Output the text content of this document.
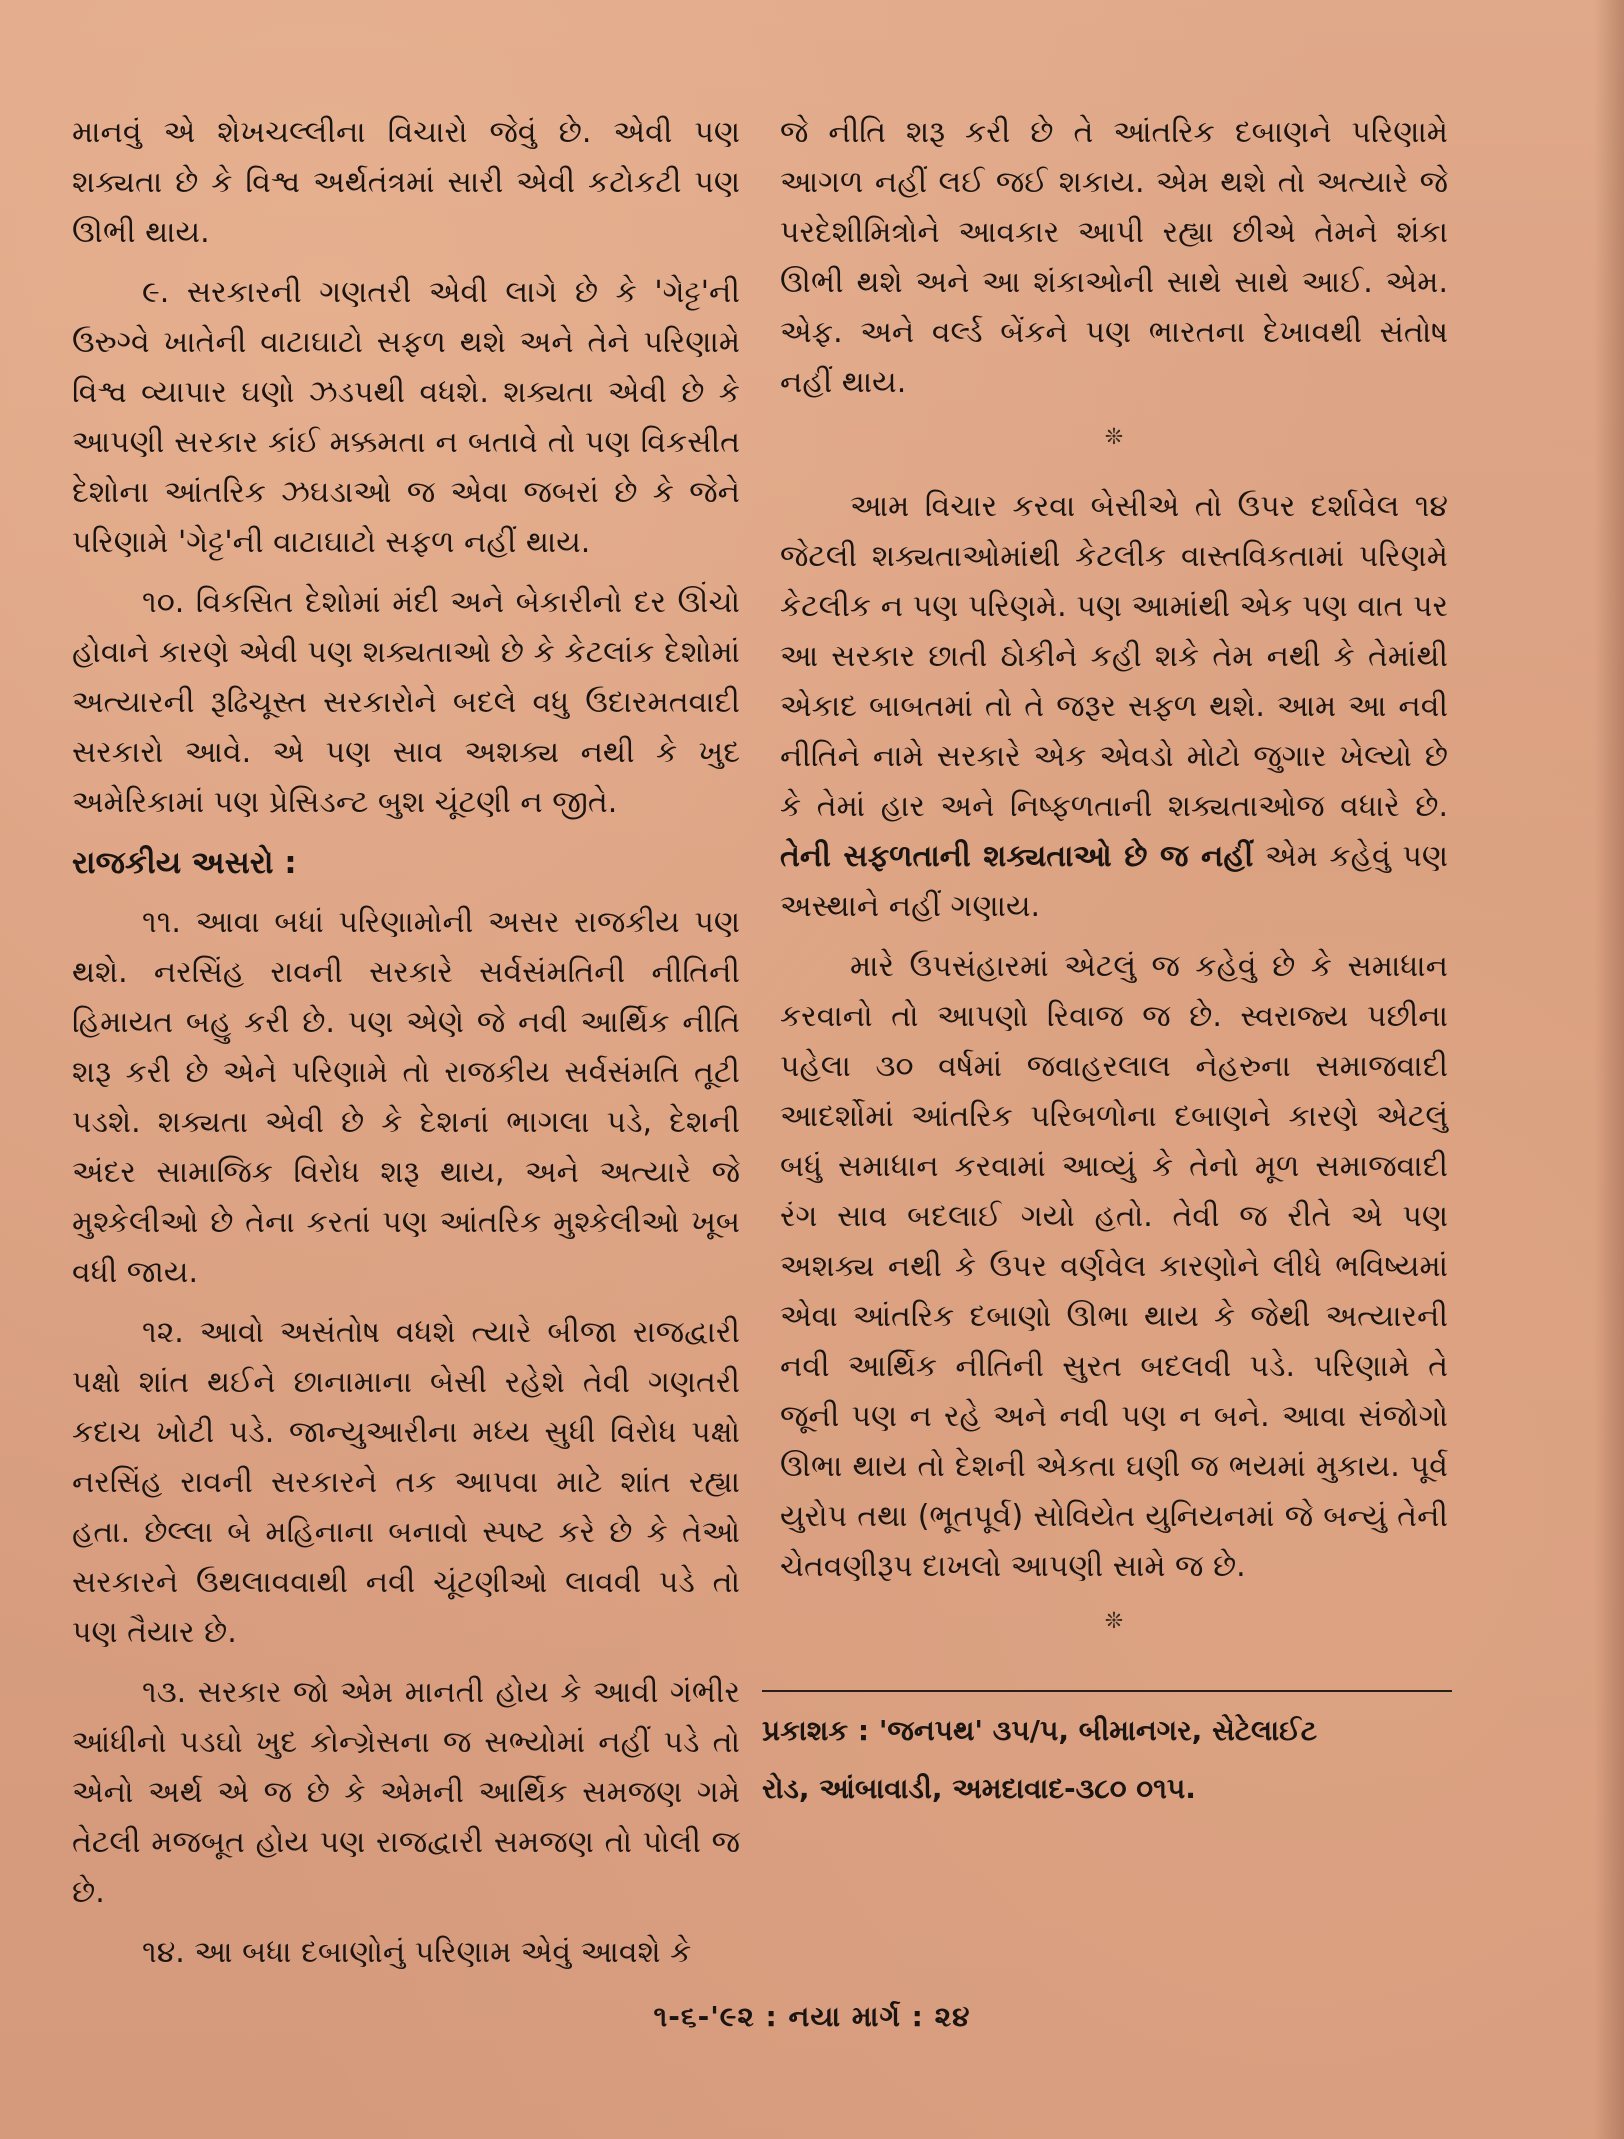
માનવું એ શેખચલ્લીના વિચારો જેવું છે. એવી પણ શક્યતા છે કે વિશ્વ અર્થતંત્રમાં સારી એવી કટોકટી પણ ઊભી થાય.

૯. સરકારની ગણતરી એવી લાગે છે કે 'ગેટ્ટ'ની ઉરુગ્વે ખાતેની વાટાઘાટો સફળ થશે અને તેને પરિણામે વિશ્વ વ્યાપાર ઘણો ઝડપથી વધશે. શક્યતા એવી છે કે આપણી સરકાર કાંઈ મક્કમતા ન બતાવે તો પણ વિકસીત દેશોના આંતરિક ઝઘડાઓ જ એવા જબરાં છે કે જેને પરિણામે 'ગેટ્ટ'ની વાટાઘાટો સફળ નહીં થાય.

૧૦. વિકસિત દેશોમાં મંદી અને બેકારીનો દર ઊંચો હોવાને કારણે એવી પણ શક્યતાઓ છે કે કેટલાંક દેશોમાં અત્યારની રૂઢિચૂસ્ત સરકારોને બદલે વધુ ઉદારમતવાદી સરકારો આવે. એ પણ સાવ અશક્ય નથી કે ખુદ અમેરિકામાં પણ પ્રેસિડન્ટ બુશ ચૂંટણી ન જીતે.

રાજકીય અસરો :

૧૧. આવા બધાં પરિણામોની અસર રાજકીય પણ થશે. નરસિંહ રાવની સરકારે સર્વસંમતિની નીતિની હિમાયત બહુ કરી છે. પણ એણે જે નવી આર્થિક નીતિ શરૂ કરી છે એને પરિણામે તો રાજકીય સર્વસંમતિ તૂટી પડશે. શક્યતા એવી છે કે દેશનાં ભાગલા પડે, દેશની અંદર સામાજિક વિરોધ શરૂ થાય, અને અત્યારે જે મુશ્કેલીઓ છે તેના કરતાં પણ આંતરિક મુશ્કેલીઓ ખૂબ વધી જાય.

૧૨. આવો અસંતોષ વધશે ત્યારે બીજા રાજદ્વારી પક્ષો શાંત થઈને છાનામાના બેસી રહેશે તેવી ગણતરી કદાચ ખોટી પડે. જાન્યુઆરીના મધ્ય સુધી વિરોધ પક્ષો નરસિંહ રાવની સરકારને તક આપવા માટે શાંત રહ્યા હતા. છેલ્લા બે મહિનાના બનાવો સ્પષ્ટ કરે છે કે તેઓ સરકારને ઉથલાવવાથી નવી ચૂંટણીઓ લાવવી પડે તો પણ તૈયાર છે.

૧૩. સરકાર જો એમ માનતી હોય કે આવી ગંભીર આંધીનો પડઘો ખુદ કોન્ગ્રેસના જ સભ્યોમાં નહીં પડે તો એનો અર્થ એ જ છે કે એમની આર્થિક સમજણ ગમે તેટલી મજબૂત હોય પણ રાજદ્વારી સમજણ તો પોલી જ છે.

૧૪. આ બધા દબાણોનું પરિણામ એવું આવશે કે

જે નીતિ શરૂ કરી છે તે આંતરિક દબાણને પરિણામે આગળ નહીં લઈ જઈ શકાય. એમ થશે તો અત્યારે જે પરદેશીમિત્રોને આવકાર આપી રહ્યા છીએ તેમને શંકા ઊભી થશે અને આ શંકાઓની સાથે સાથે આઈ. એમ. એફ. અને વર્લ્ડ બેંકને પણ ભારતના દેખાવથી સંતોષ નહીં થાય.

❊

આમ વિચાર કરવા બેસીએ તો ઉપર દર્શાવેલ ૧૪ જેટલી શક્યતાઓમાંથી કેટલીક વાસ્તવિકતામાં પરિણમે કેટલીક ન પણ પરિણમે. પણ આમાંથી એક પણ વાત પર આ સરકાર છાતી ઠોકીને કહી શકે તેમ નથી કે તેમાંથી એકાદ બાબતમાં તો તે જરૂર સફળ થશે. આમ આ નવી નીતિને નામે સરકારે એક એવડો મોટો જુગાર ખેલ્યો છે કે તેમાં હાર અને નિષ્ફળતાની શક્યતાઓજ વધારે છે. તેની સફળતાની શક્યતાઓ છે જ નહીં એમ કહેવું પણ અસ્થાને નહીં ગણાય.

મારે ઉપસંહારમાં એટલું જ કહેવું છે કે સમાધાન કરવાનો તો આપણો રિવાજ જ છે. સ્વરાજ્ય પછીના પહેલા ૩૦ વર્ષમાં જવાહરલાલ નેહરુના સમાજવાદી આદર્શોમાં આંતરિક પરિબળોના દબાણને કારણે એટલું બધું સમાધાન કરવામાં આવ્યું કે તેનો મૂળ સમાજવાદી રંગ સાવ બદલાઈ ગયો હતો. તેવી જ રીતે એ પણ અશક્ય નથી કે ઉપર વર્ણવેલ કારણોને લીધે ભવિષ્યમાં એવા આંતરિક દબાણો ઊભા થાય કે જેથી અત્યારની નવી આર્થિક નીતિની સુરત બદલવી પડે. પરિણામે તે જૂની પણ ન રહે અને નવી પણ ન બને. આવા સંજોગો ઊભા થાય તો દેશની એકતા ઘણી જ ભયમાં મુકાય. પૂર્વ યુરોપ તથા (ભૂતપૂર્વ) સોવિયેત યુનિયનમાં જે બન્યું તેની ચેતવણીરૂપ દાખલો આપણી સામે જ છે.

❊
પ્રકાશક : 'જનપથ' ૩૫/૫, બીમાનગર, સેટેલાઈટ
રોડ, આંબાવાડી, અમદાવાદ-૩૮૦ ૦૧૫.
૧-૬-'૯૨ : નયા માર્ગ : ૨૪
